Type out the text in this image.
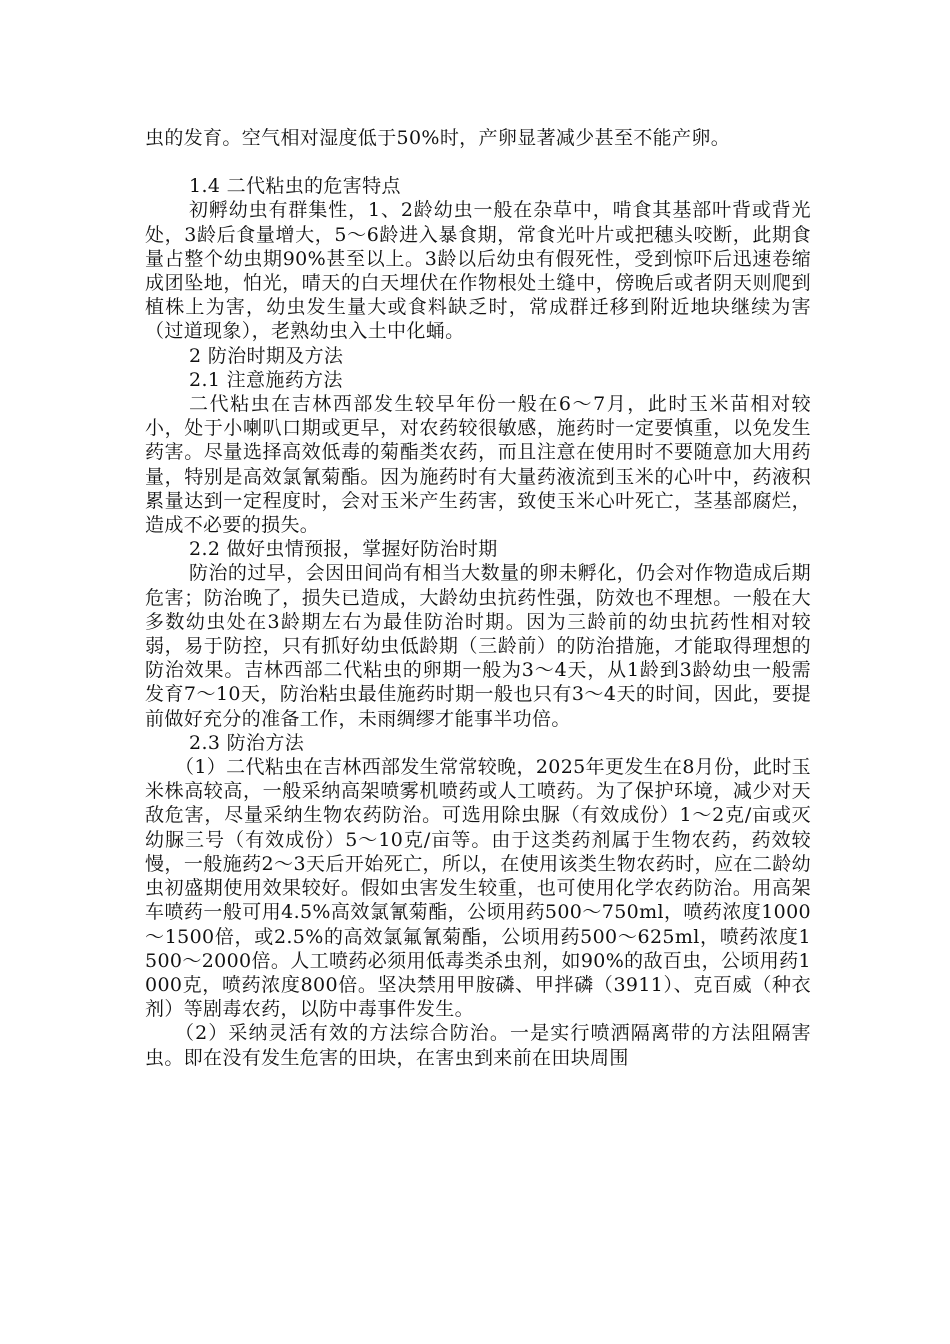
虫的发育。空气相对湿度低于50%时，产卵显著减少甚至不能产卵。

1.4 二代粘虫的危害特点

初孵幼虫有群集性，1、2龄幼虫一般在杂草中，啃食其基部叶背或背光处，3龄后食量增大，5～6龄进入暴食期，常食光叶片或把穗头咬断，此期食量占整个幼虫期90%甚至以上。3龄以后幼虫有假死性，受到惊吓后迅速卷缩成团坠地，怕光，晴天的白天埋伏在作物根处土缝中，傍晚后或者阴天则爬到植株上为害，幼虫发生量大或食料缺乏时，常成群迁移到附近地块继续为害（过道现象），老熟幼虫入土中化蛹。

2 防治时期及方法

2.1 注意施药方法

二代粘虫在吉林西部发生较早年份一般在6～7月，此时玉米苗相对较小，处于小喇叭口期或更早，对农药较很敏感，施药时一定要慎重，以免发生药害。尽量选择高效低毒的菊酯类农药，而且注意在使用时不要随意加大用药量，特别是高效氯氰菊酯。因为施药时有大量药液流到玉米的心叶中，药液积累量达到一定程度时，会对玉米产生药害，致使玉米心叶死亡，茎基部腐烂，造成不必要的损失。

2.2 做好虫情预报，掌握好防治时期

防治的过早，会因田间尚有相当大数量的卵未孵化，仍会对作物造成后期危害；防治晚了，损失已造成，大龄幼虫抗药性强，防效也不理想。一般在大多数幼虫处在3龄期左右为最佳防治时期。因为三龄前的幼虫抗药性相对较弱，易于防控，只有抓好幼虫低龄期（三龄前）的防治措施，才能取得理想的防治效果。吉林西部二代粘虫的卵期一般为3～4天，从1龄到3龄幼虫一般需发育7～10天，防治粘虫最佳施药时期一般也只有3～4天的时间，因此，要提前做好充分的准备工作，未雨绸缪才能事半功倍。

2.3 防治方法

（1）二代粘虫在吉林西部发生常常较晚，2025年更发生在8月份，此时玉米株高较高，一般采纳高架喷雾机喷药或人工喷药。为了保护环境，减少对天敌危害，尽量采纳生物农药防治。可选用除虫脲（有效成份）1～2克/亩或灭幼脲三号（有效成份）5～10克/亩等。由于这类药剂属于生物农药，药效较慢，一般施药2～3天后开始死亡，所以，在使用该类生物农药时，应在二龄幼虫初盛期使用效果较好。假如虫害发生较重，也可使用化学农药防治。用高架车喷药一般可用4.5%高效氯氰菊酯，公顷用药500～750ml，喷药浓度1000～1500倍，或2.5%的高效氯氟氰菊酯，公顷用药500～625ml，喷药浓度1500～2000倍。人工喷药必须用低毒类杀虫剂，如90%的敌百虫，公顷用药1000克，喷药浓度800倍。坚决禁用甲胺磷、甲拌磷（3911）、克百威（种衣剂）等剧毒农药，以防中毒事件发生。

（2）采纳灵活有效的方法综合防治。一是实行喷洒隔离带的方法阻隔害虫。即在没有发生危害的田块，在害虫到来前在田块周围
